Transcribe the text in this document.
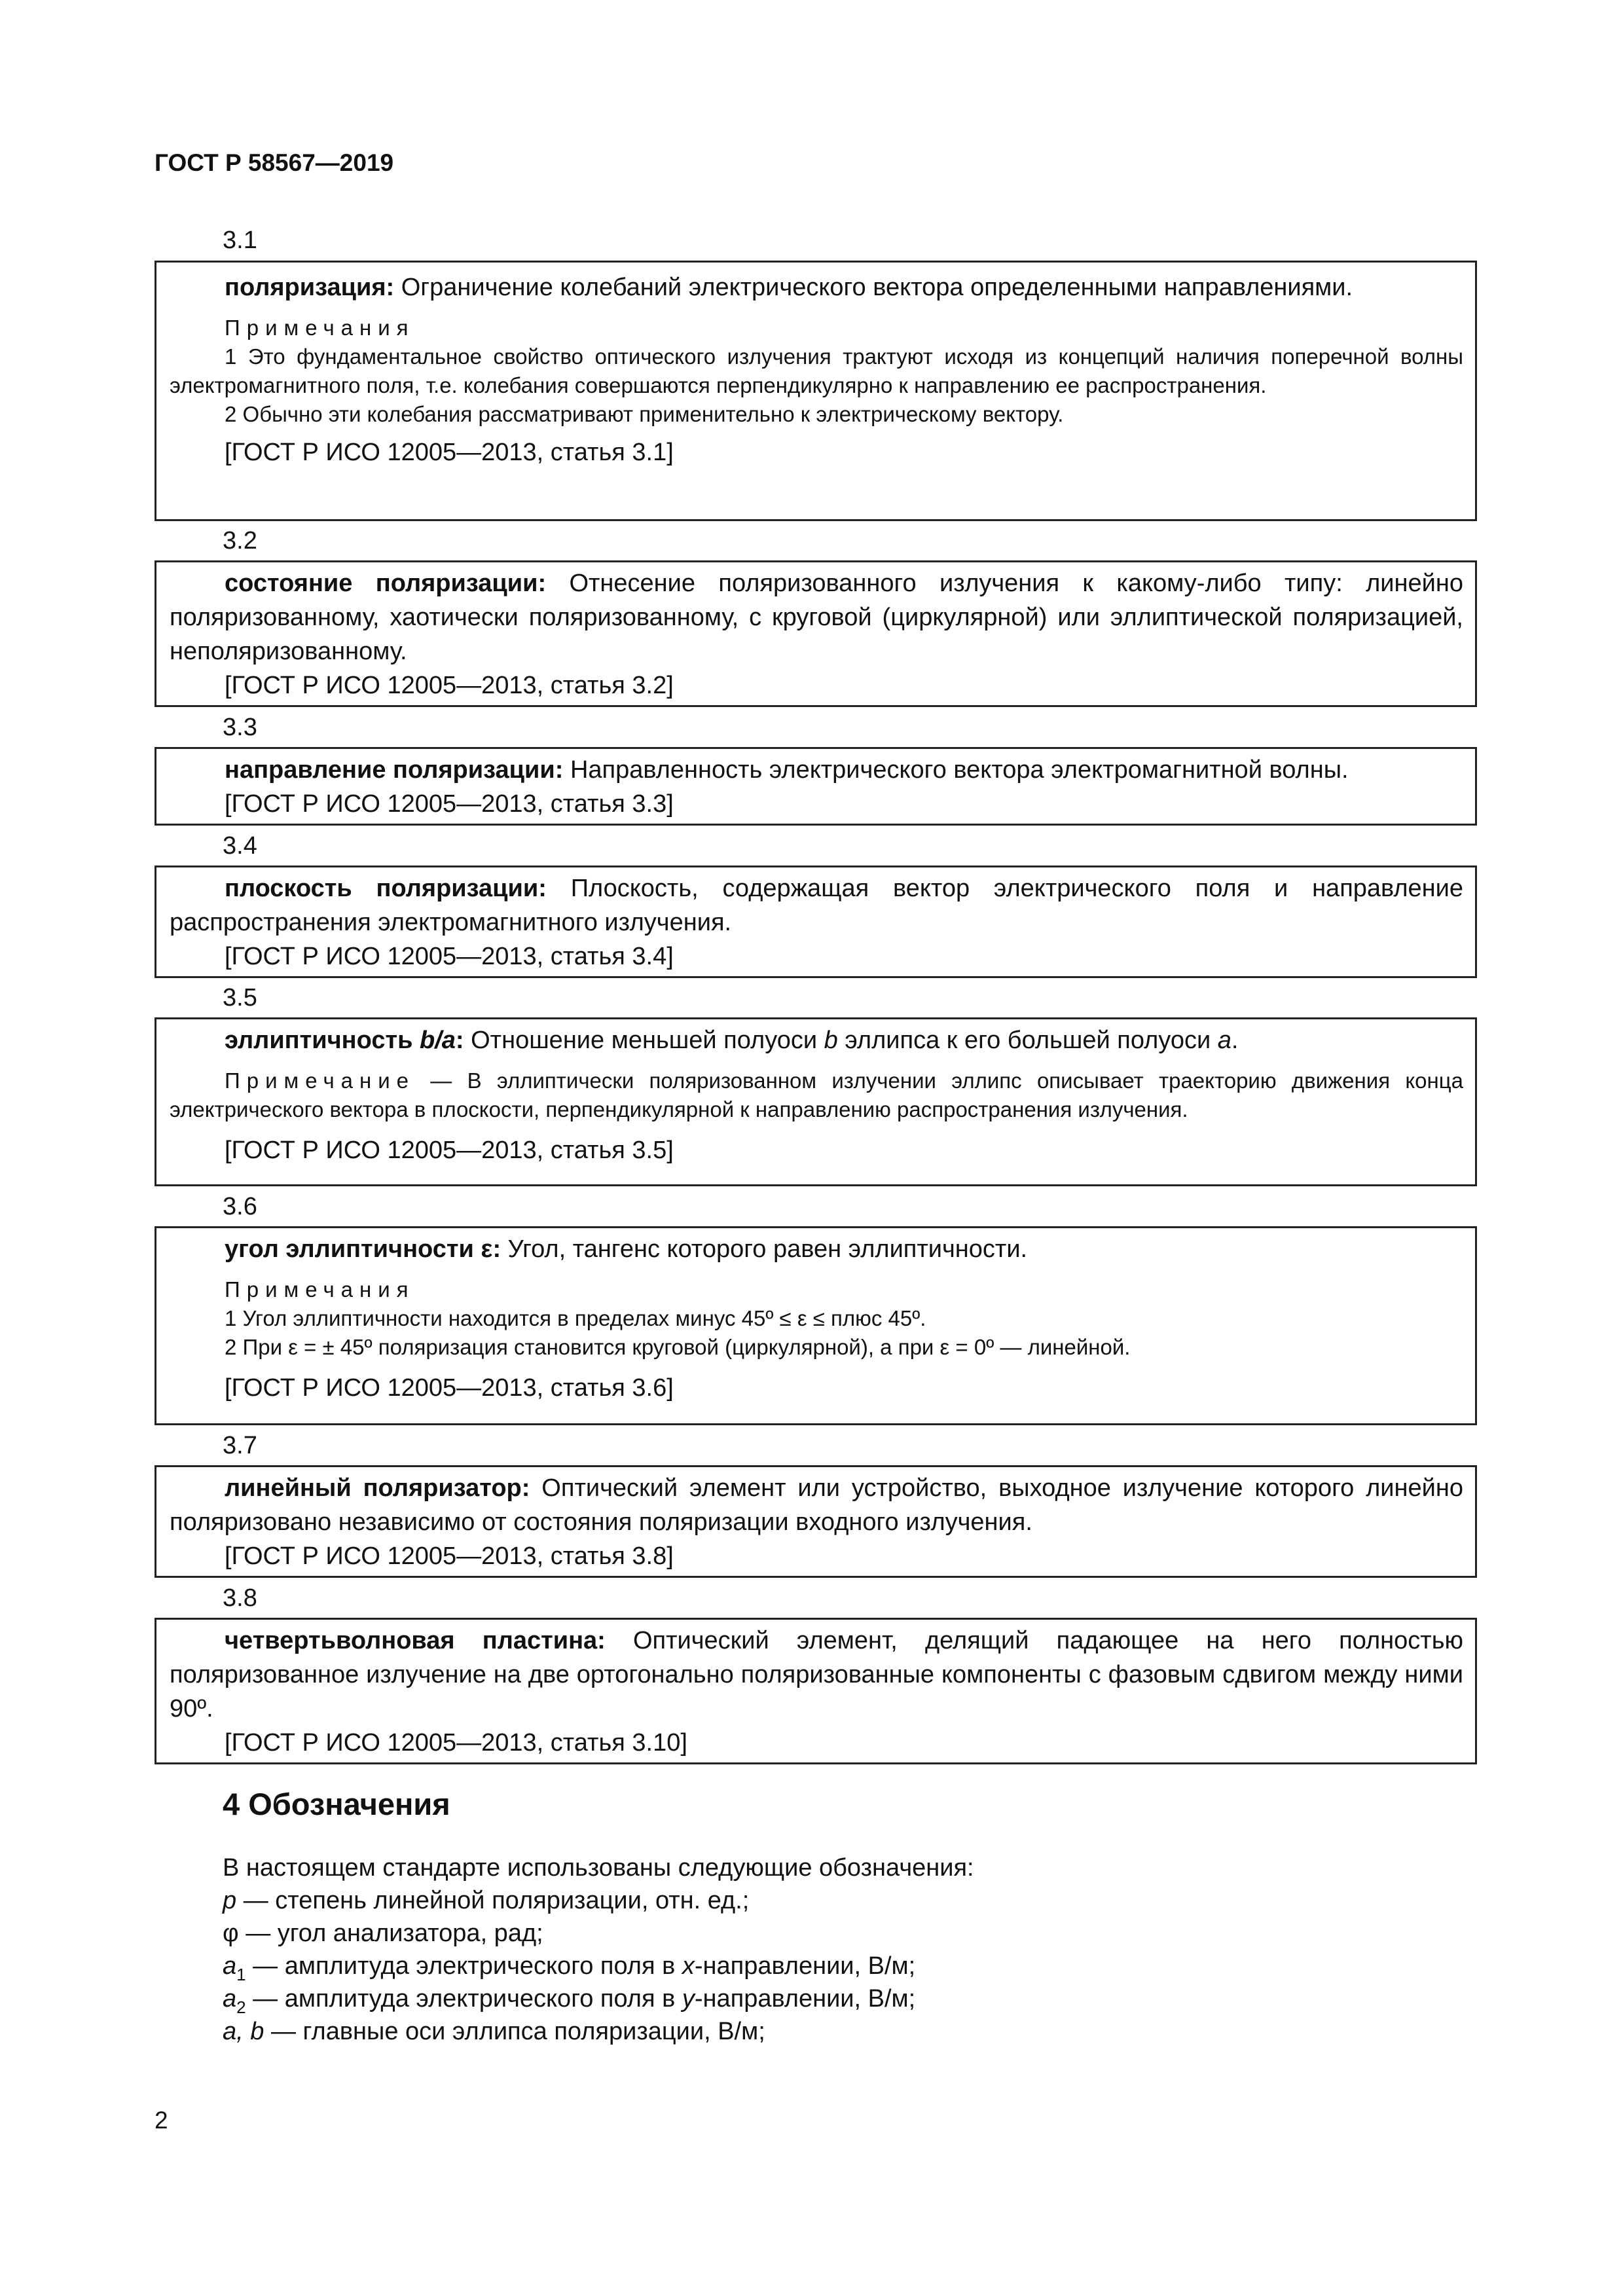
ГОСТ Р 58567—2019
3.1

поляризация: Ограничение колебаний электрического вектора определенными направлениями.

Примечания

1 Это фундаментальное свойство оптического излучения трактуют исходя из концепций наличия поперечной волны электромагнитного поля, т.е. колебания совершаются перпендикулярно к направлению ее распространения.

2 Обычно эти колебания рассматривают применительно к электрическому вектору.

[ГОСТ Р ИСО 12005—2013, статья 3.1]

3.2

состояние поляризации: Отнесение поляризованного излучения к какому-либо типу: линейно поляризованному, хаотически поляризованному, с круговой (циркулярной) или эллиптической поляризацией, неполяризованному.

[ГОСТ Р ИСО 12005—2013, статья 3.2]

3.3

направление поляризации: Направленность электрического вектора электромагнитной волны.

[ГОСТ Р ИСО 12005—2013, статья 3.3]

3.4

плоскость поляризации: Плоскость, содержащая вектор электрического поля и направление распространения электромагнитного излучения.

[ГОСТ Р ИСО 12005—2013, статья 3.4]

3.5

эллиптичность b/a: Отношение меньшей полуоси b эллипса к его большей полуоси a.

Примечание — В эллиптически поляризованном излучении эллипс описывает траекторию движения конца электрического вектора в плоскости, перпендикулярной к направлению распространения излучения.

[ГОСТ Р ИСО 12005—2013, статья 3.5]

3.6

угол эллиптичности ε: Угол, тангенс которого равен эллиптичности.

Примечания

1 Угол эллиптичности находится в пределах минус 45º ≤ ε ≤ плюс 45º.

2 При ε = ± 45º поляризация становится круговой (циркулярной), а при ε = 0º — линейной.

[ГОСТ Р ИСО 12005—2013, статья 3.6]

3.7

линейный поляризатор: Оптический элемент или устройство, выходное излучение которого линейно поляризовано независимо от состояния поляризации входного излучения.

[ГОСТ Р ИСО 12005—2013, статья 3.8]

3.8

четвертьволновая пластина: Оптический элемент, делящий падающее на него полностью поляризованное излучение на две ортогонально поляризованные компоненты с фазовым сдвигом между ними 90º.

[ГОСТ Р ИСО 12005—2013, статья 3.10]

4 Обозначения
В настоящем стандарте использованы следующие обозначения:
p — степень линейной поляризации, отн. ед.;
φ — угол анализатора, рад;
$a_1$ — амплитуда электрического поля в x-направлении, В/м;
$a_2$ — амплитуда электрического поля в y-направлении, В/м;
a, b — главные оси эллипса поляризации, В/м;
2
